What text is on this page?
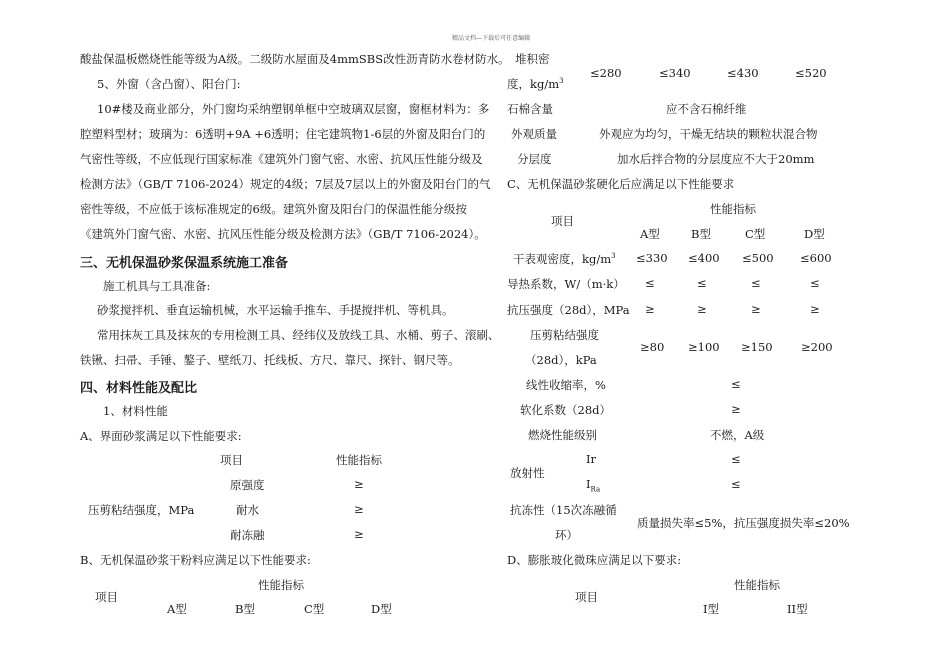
精品文档---下载后可任意编辑
酸盐保温板燃烧性能等级为A级。二级防水屋面及4mmSBS改性沥青防水卷材防水。
5、外窗（含凸窗）、阳台门:
10#楼及商业部分，外门窗均采纳塑钢单框中空玻璃双层窗，窗框材料为：多
腔塑料型材；玻璃为：6透明+9A +6透明；住宅建筑物1-6层的外窗及阳台门的
气密性等级，不应低现行国家标准《建筑外门窗气密、水密、抗风压性能分级及
检测方法》（GB/T 7106-2024）规定的4级；7层及7层以上的外窗及阳台门的气
密性等级，不应低于该标准规定的6级。建筑外窗及阳台门的保温性能分级按
《建筑外门窗气密、水密、抗风压性能分级及检测方法》（GB/T 7106-2024）。
三、无机保温砂浆保温系统施工准备
施工机具与工具准备:
砂浆搅拌机、垂直运输机械，水平运输手推车、手提搅拌机、等机具。
常用抹灰工具及抹灰的专用检测工具、经纬仪及放线工具、水桶、剪子、滚刷、
铁锹、扫帚、手锤、鏊子、壁纸刀、托线板、方尺、靠尺、探针、钢尺等。
四、材料性能及配比
1、材料性能
A、界面砂浆满足以下性能要求:
项目	性能指标
原强度	≥
压剪粘结强度，MPa	耐水	≥
耐冻融	≥
B、无机保温砂浆干粉料应满足以下性能要求:
性能指标
项目
A型	B型	C型	D型
堆积密
度，$kg/m^3$
≤280	≤340	≤430	≤520
石棉含量	应不含石棉纤维
外观质量	外观应为均匀，干燥无结块的颗粒状混合物
分层度	加水后拌合物的分层度应不大于20mm
C、无机保温砂浆硬化后应满足以下性能要求
项目
性能指标
A型	B型	C型	D型
干表观密度，$kg/m^3 \le 330 \le 400 \le 500 \le 600$
导热系数，W/（m·k） ≤	≤	≤	≤
抗压强度（28d），MPa ≥	≥	≥	≥
压剪粘结强度
（28d），kPa
≥80 ≥100 ≥150 ≥200
线性收缩率，%	≤
软化系数（28d）	≥
燃烧性能级别	不燃，A级
放射性
Ir	≤
$I_{Ra}$	≤
抗冻性（15次冻融循
环）
质量损失率≤5%，抗压强度损失率≤20%
D、膨胀玻化微珠应满足以下要求:
性能指标
项目
I型	II型
